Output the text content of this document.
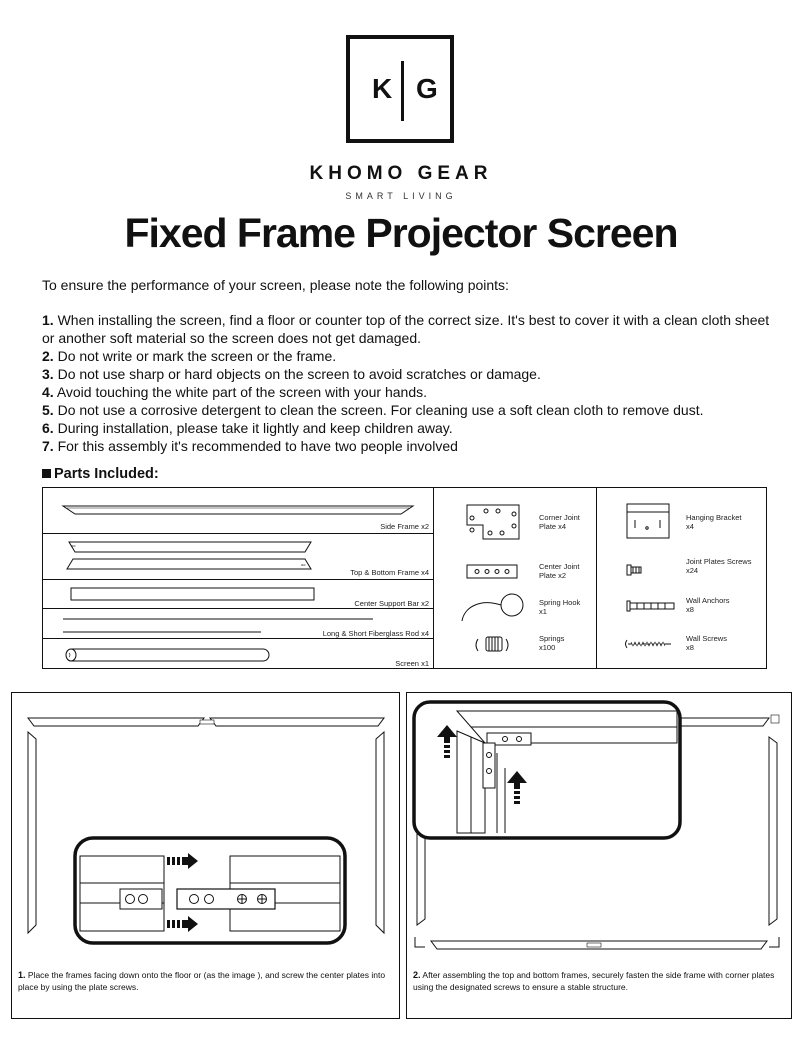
K G
KHOMO GEAR
SMART LIVING
Fixed Frame Projector Screen
To ensure the performance of your screen, please note the following points:
1. When installing the screen, find a floor or counter top of the correct size. It's best to cover it with a clean cloth sheet or another soft material so the screen does not get damaged.
2. Do not write or mark the screen or the frame.
3. Do not use sharp or hard objects on the screen to avoid scratches or damage.
4. Avoid touching the white part of the screen with your hands.
5. Do not use a corrosive detergent to clean the screen. For cleaning use a soft clean cloth to remove dust.
6. During installation, please take it lightly and keep children away.
7. For this assembly it's recommended to have two people involved
Parts Included:
oo
oo
Side Frame x2
Top & Bottom Frame x4
Center Support Bar x2
Long & Short Fiberglass Rod x4
Screen x1
Corner Joint
Plate x4
Center Joint
Plate x2
Spring Hook
x1
Springs
x100
Hanging Bracket
x4
Joint Plates Screws
x24
Wall Anchors
x8
Wall Screws
x8
1. Place the frames facing down onto the floor or (as the image ), and screw the center plates into place by using the plate screws.
2. After assembling the top and bottom frames, securely fasten the side frame with corner plates using the designated screws to ensure a stable structure.
